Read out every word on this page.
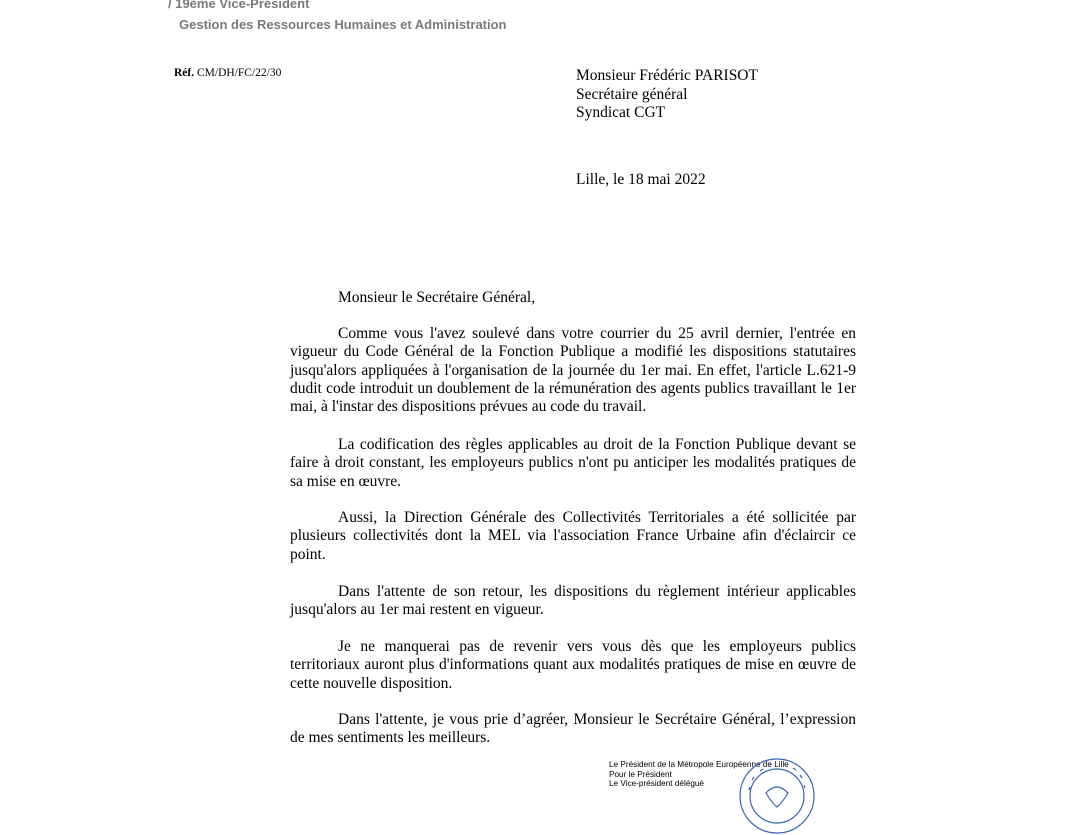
/ 19ème Vice-Président
Gestion des Ressources Humaines et Administration
Réf. CM/DH/FC/22/30	Monsieur Frédéric PARISOT
Secrétaire général
Syndicat CGT
Lille, le 18 mai 2022
Monsieur le Secrétaire Général,

Comme vous l'avez soulevé dans votre courrier du 25 avril dernier, l'entrée en vigueur du Code Général de la Fonction Publique a modifié les dispositions statutaires jusqu'alors appliquées à l'organisation de la journée du 1er mai. En effet, l'article L.621-9 dudit code introduit un doublement de la rémunération des agents publics travaillant le 1er mai, à l'instar des dispositions prévues au code du travail.

La codification des règles applicables au droit de la Fonction Publique devant se faire à droit constant, les employeurs publics n'ont pu anticiper les modalités pratiques de sa mise en œuvre.

Aussi, la Direction Générale des Collectivités Territoriales a été sollicitée par plusieurs collectivités dont la MEL via l'association France Urbaine afin d'éclaircir ce point.

Dans l'attente de son retour, les dispositions du règlement intérieur applicables jusqu'alors au 1er mai restent en vigueur.

Je ne manquerai pas de revenir vers vous dès que les employeurs publics territoriaux auront plus d'informations quant aux modalités pratiques de mise en œuvre de cette nouvelle disposition.

Dans l'attente, je vous prie d’agréer, Monsieur le Secrétaire Général, l’expression de mes sentiments les meilleurs.

Le Président de la Métropole Européenne de Lille
Pour le Président
Le Vice-président délégué
